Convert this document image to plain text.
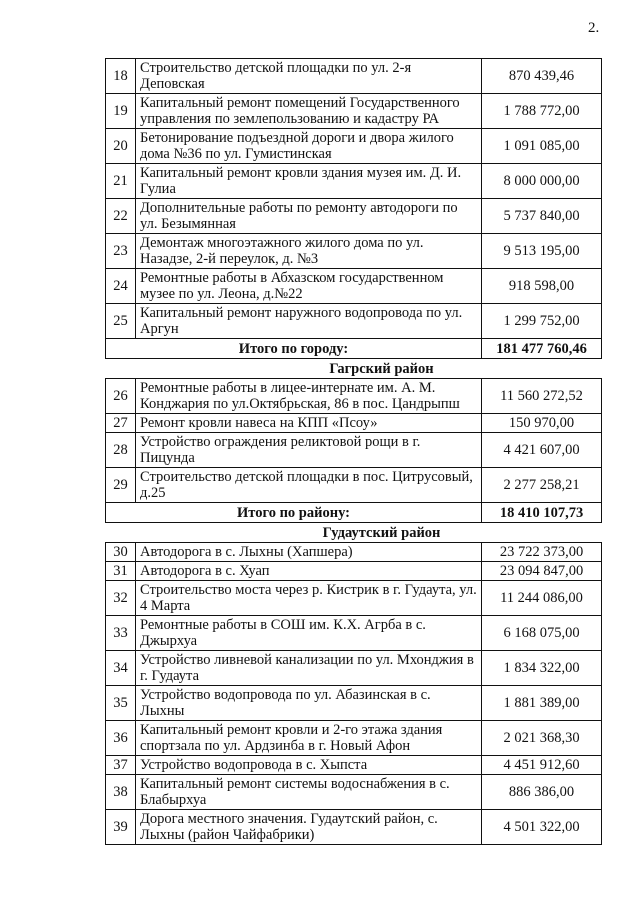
2.
18	Строительство детской площадки по ул. 2-я Деповская	870 439,46
19	Капитальный ремонт помещений Государственного управления по землепользованию и кадастру РА	1 788 772,00
20	Бетонирование подъездной дороги и двора жилого дома №36 по ул. Гумистинская	1 091 085,00
21	Капитальный ремонт кровли здания музея им. Д. И. Гулиа	8 000 000,00
22	Дополнительные работы по ремонту автодороги по ул. Безымянная	5 737 840,00
23	Демонтаж многоэтажного жилого дома по ул. Назадзе, 2-й переулок, д. №3	9 513 195,00
24	Ремонтные работы в Абхазском государственном музее по ул. Леона, д.№22	918 598,00
25	Капитальный ремонт наружного водопровода по ул. Аргун	1 299 752,00
Итого по городу:		181 477 760,46
Гагрский район		
26	Ремонтные работы в лицее-интернате им. А. М. Конджария по ул.Октябрьская, 86 в пос. Цандрыпш	11 560 272,52
27	Ремонт кровли навеса на КПП «Псоу»	150 970,00
28	Устройство ограждения реликтовой рощи в г. Пицунда	4 421 607,00
29	Строительство детской площадки в пос. Цитрусовый, д.25	2 277 258,21
Итого по району:		18 410 107,73
Гудаутский район		
30	Автодорога в с. Лыхны (Хапшера)	23 722 373,00
31	Автодорога в с. Хуап	23 094 847,00
32	Строительство моста через р. Кистрик в г. Гудаута, ул. 4 Марта	11 244 086,00
33	Ремонтные работы в СОШ им. К.Х. Агрба в с. Джырхуа	6 168 075,00
34	Устройство ливневой канализации по ул. Мхонджия в г. Гудаута	1 834 322,00
35	Устройство водопровода по ул. Абазинская в с. Лыхны	1 881 389,00
36	Капитальный ремонт кровли и 2-го этажа здания спортзала по ул. Ардзинба в г. Новый Афон	2 021 368,30
37	Устройство водопровода в с. Хыпста	4 451 912,60
38	Капитальный ремонт системы водоснабжения в с. Блабырхуа	886 386,00
39	Дорога местного значения. Гудаутский район, с. Лыхны (район Чайфабрики)	4 501 322,00
